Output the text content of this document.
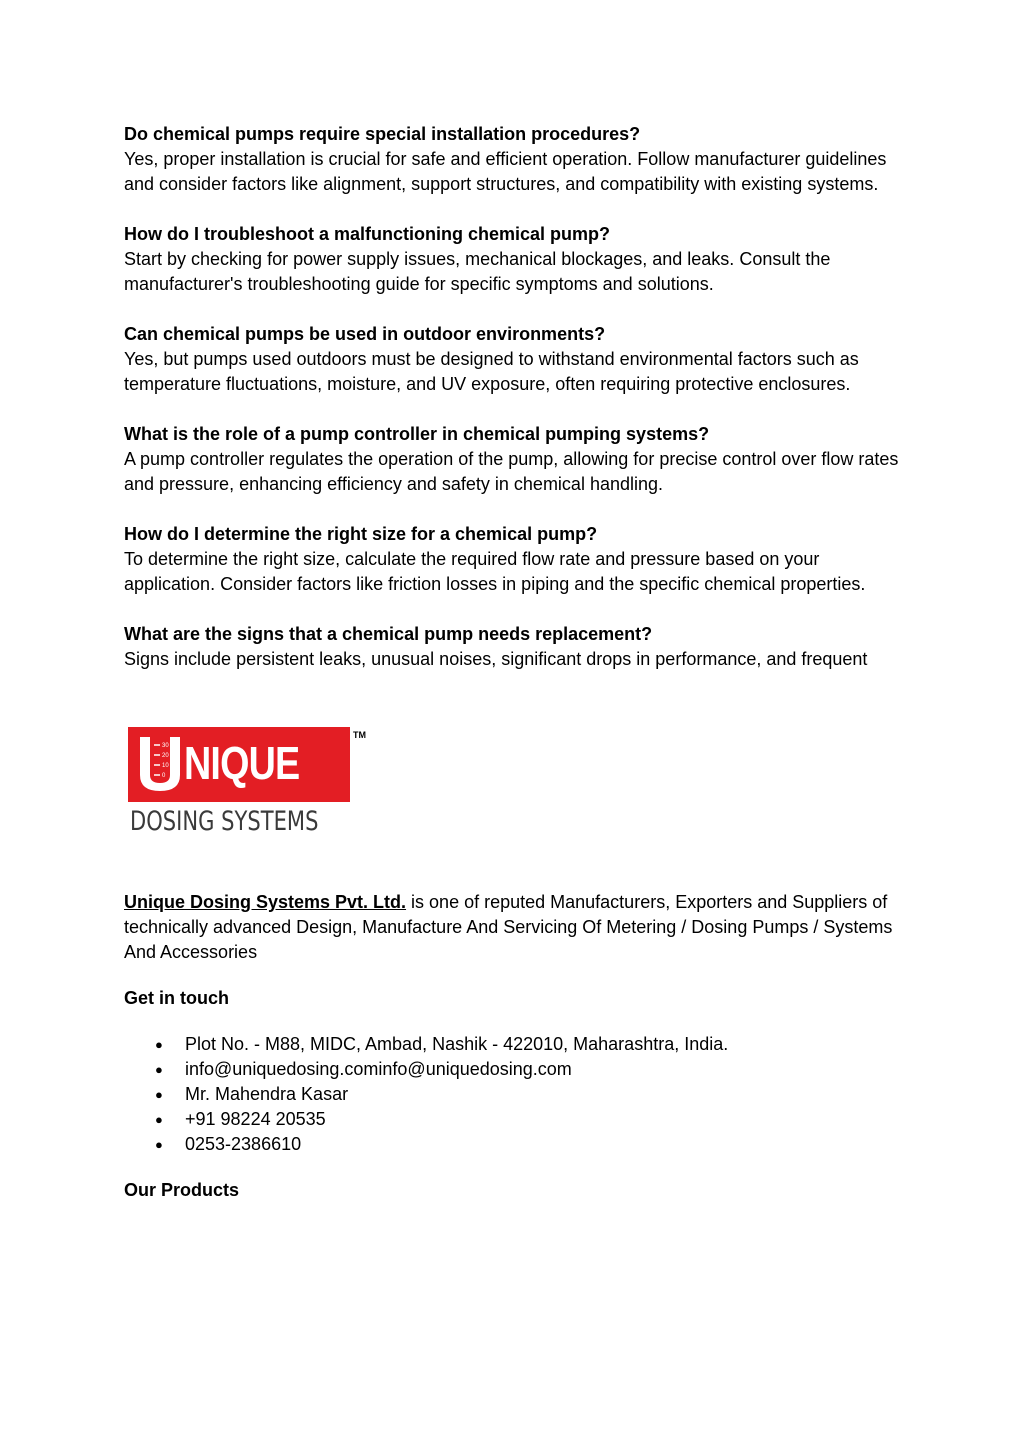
Do chemical pumps require special installation procedures?
Yes, proper installation is crucial for safe and efficient operation. Follow manufacturer guidelines and consider factors like alignment, support structures, and compatibility with existing systems.
How do I troubleshoot a malfunctioning chemical pump?
Start by checking for power supply issues, mechanical blockages, and leaks. Consult the manufacturer's troubleshooting guide for specific symptoms and solutions.
Can chemical pumps be used in outdoor environments?
Yes, but pumps used outdoors must be designed to withstand environmental factors such as temperature fluctuations, moisture, and UV exposure, often requiring protective enclosures.
What is the role of a pump controller in chemical pumping systems?
A pump controller regulates the operation of the pump, allowing for precise control over flow rates and pressure, enhancing efficiency and safety in chemical handling.
How do I determine the right size for a chemical pump?
To determine the right size, calculate the required flow rate and pressure based on your application. Consider factors like friction losses in piping and the specific chemical properties.
What are the signs that a chemical pump needs replacement?
Signs include persistent leaks, unusual noises, significant drops in performance, and frequent
30
20
10
0 NIQUE
TM
DOSING SYSTEMS
Unique Dosing Systems Pvt. Ltd. is one of reputed Manufacturers, Exporters and Suppliers of technically advanced Design, Manufacture And Servicing Of Metering / Dosing Pumps / Systems And Accessories
Get in touch
● Plot No. - M88, MIDC, Ambad, Nashik - 422010, Maharashtra, India.
● info@uniquedosing.cominfo@uniquedosing.com
● Mr. Mahendra Kasar
● +91 98224 20535
● 0253-2386610
Our Products
